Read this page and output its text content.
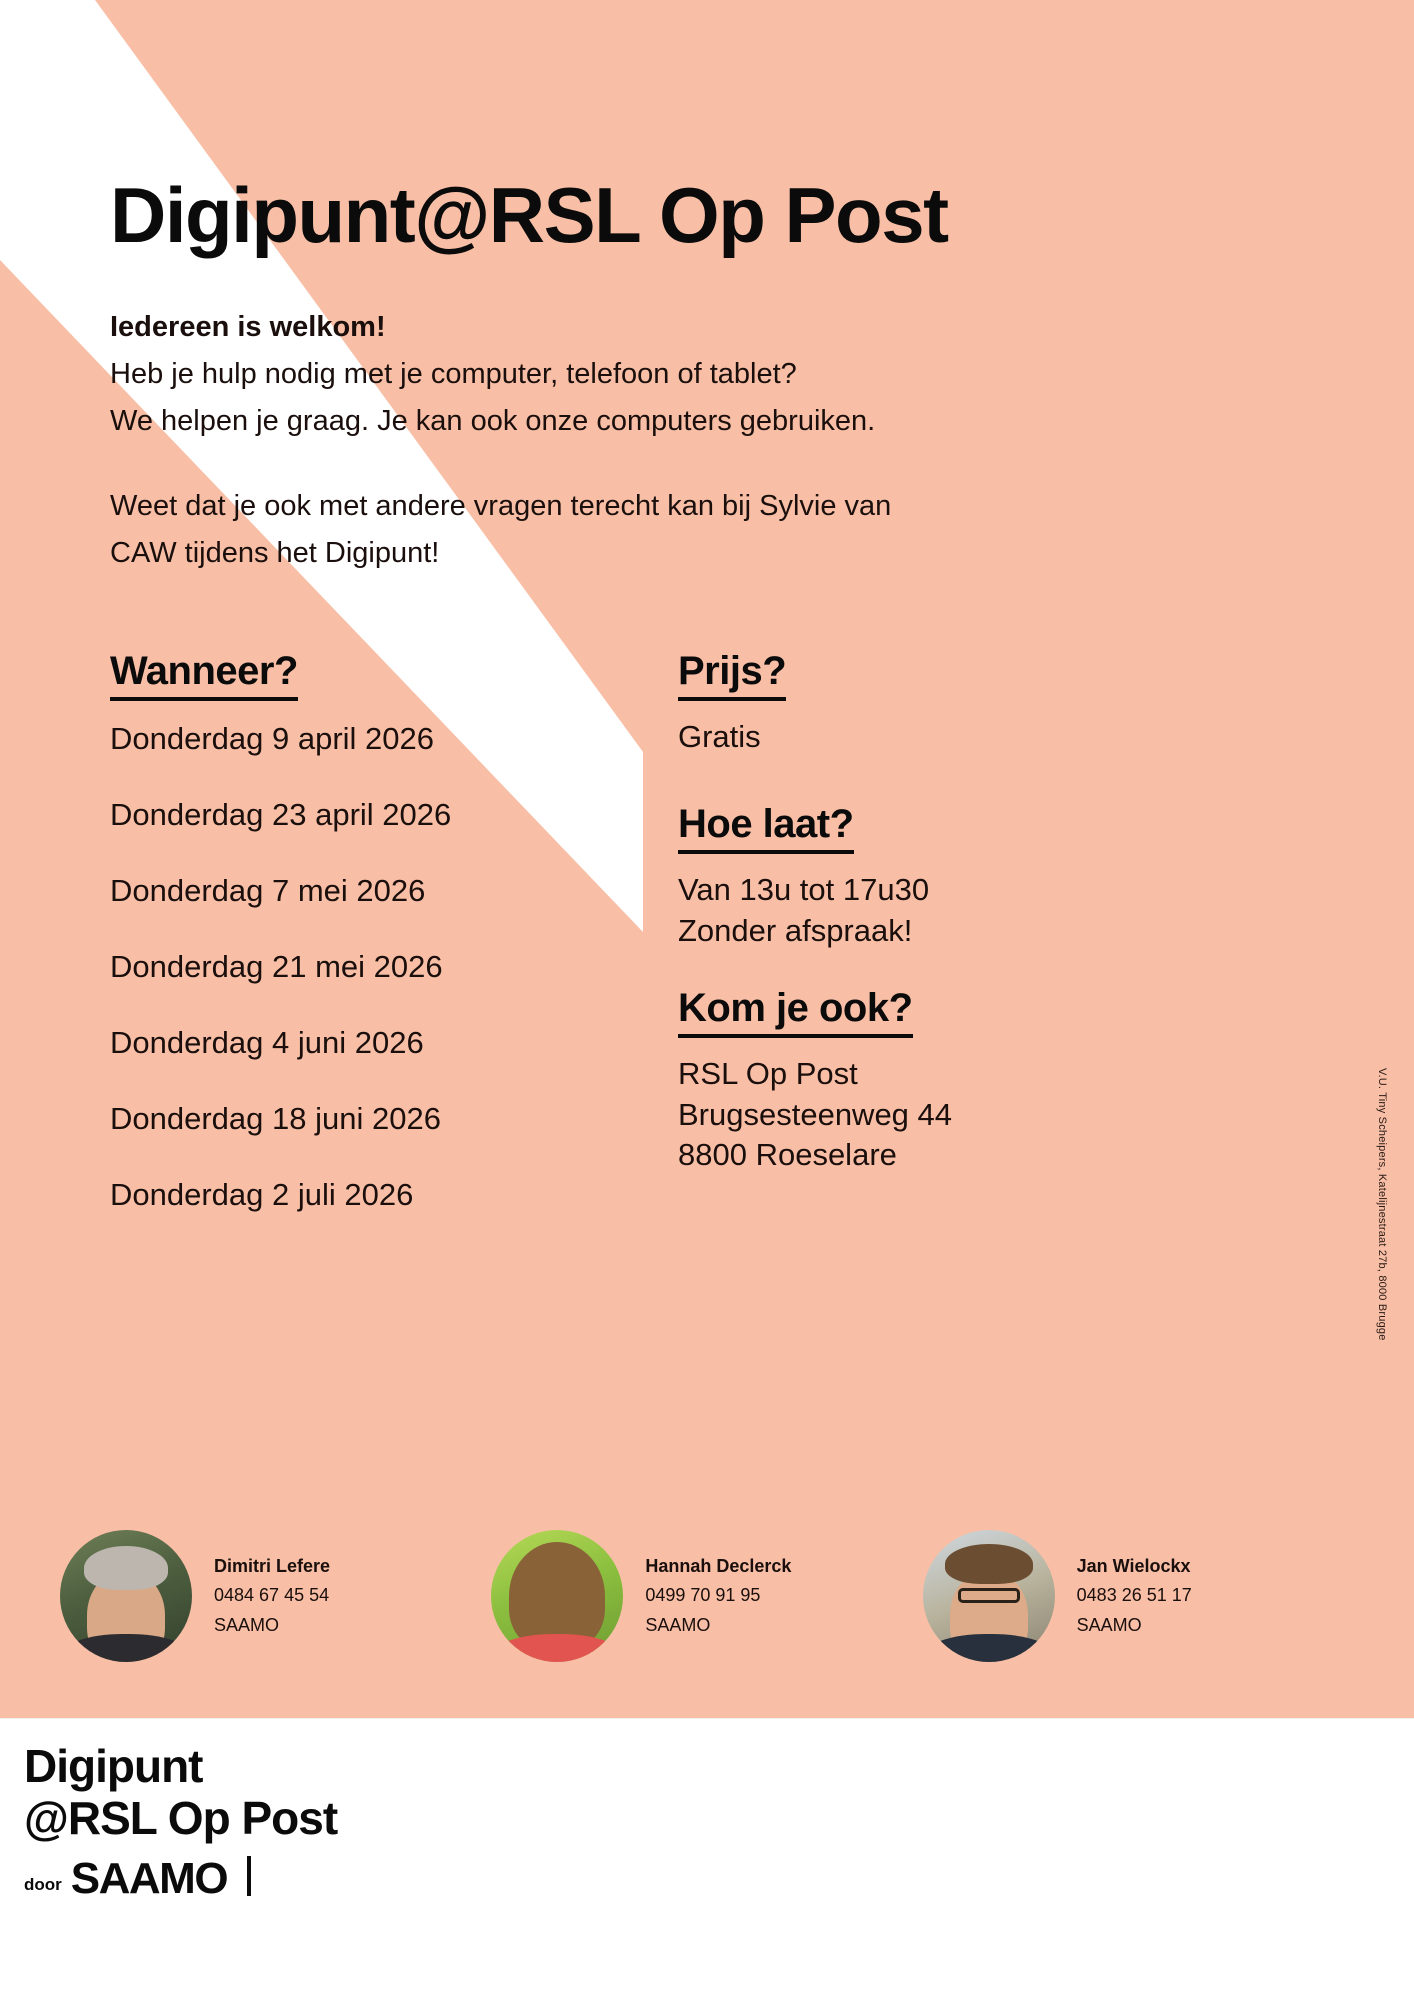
Digipunt@RSL Op Post

Iedereen is welkom!

Heb je hulp nodig met je computer, telefoon of tablet?

We helpen je graag. Je kan ook onze computers gebruiken.

Weet dat je ook met andere vragen terecht kan bij Sylvie van

CAW tijdens het Digipunt!

Wanneer?
Donderdag 9 april 2026
Donderdag 23 april 2026
Donderdag 7 mei 2026
Donderdag 21 mei 2026
Donderdag 4 juni 2026
Donderdag 18 juni 2026
Donderdag 2 juli 2026
Prijs?
Gratis
Hoe laat?
Van 13u tot 17u30
Zonder afspraak!
Kom je ook?
RSL Op Post
Brugsesteenweg 44
8800 Roeselare	V.U. Tiny Scheipers, Katelijnestraat 27b, 8000 Brugge
Dimitri Lefere
0484 67 45 54
SAAMO
Hannah Declerck
0499 70 91 95
SAAMO
Jan Wielockx
0483 26 51 17
SAAMO
Digipunt
@RSL Op Post
door SAAMO
